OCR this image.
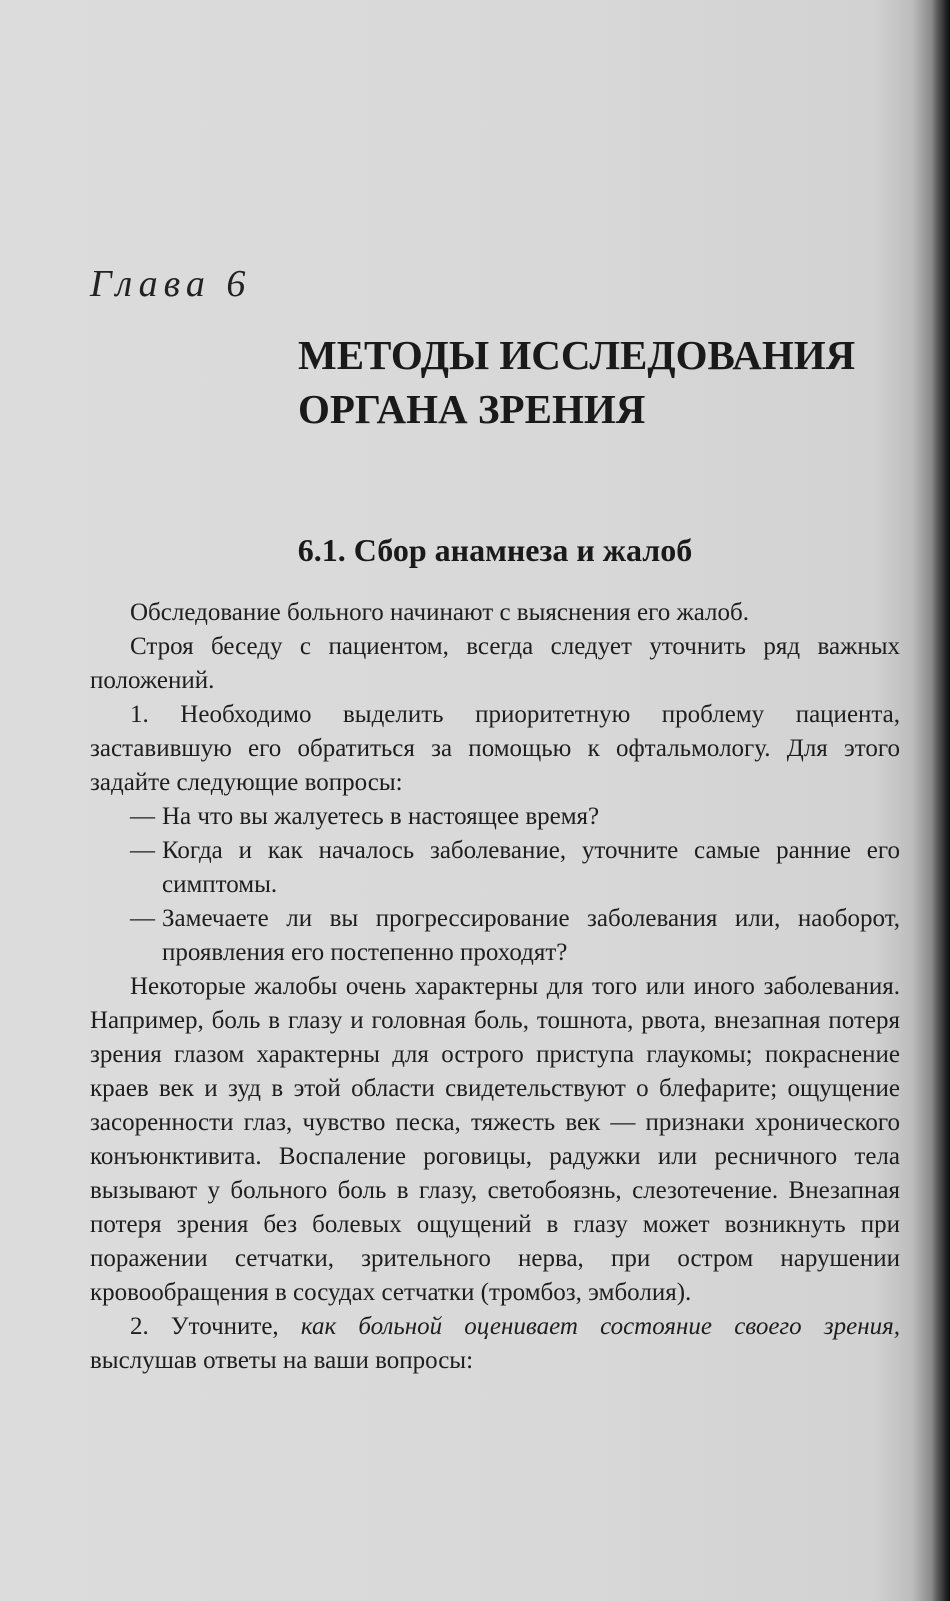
Глава 6
МЕТОДЫ ИССЛЕДОВАНИЯ
ОРГАНА ЗРЕНИЯ
6.1. Сбор анамнеза и жалоб

Обследование больного начинают с выяснения его жалоб.

Строя беседу с пациентом, всегда следует уточнить ряд важных положений.

1. Необходимо выделить приоритетную проблему пациента, заставившую его обратиться за помощью к офтальмологу. Для этого задайте следующие вопросы:

— На что вы жалуетесь в настоящее время?
— Когда и как началось заболевание, уточните самые ранние его симптомы.
— Замечаете ли вы прогрессирование заболевания или, наоборот, проявления его постепенно проходят?

Некоторые жалобы очень характерны для того или иного заболевания. Например, боль в глазу и головная боль, тошнота, рвота, внезапная потеря зрения глазом характерны для острого приступа глаукомы; покраснение краев век и зуд в этой области свидетельствуют о блефарите; ощущение засоренности глаз, чувство песка, тяжесть век — признаки хронического конъюнктивита. Воспаление роговицы, радужки или ресничного тела вызывают у больного боль в глазу, светобоязнь, слезотечение. Внезапная потеря зрения без болевых ощущений в глазу может возникнуть при поражении сетчатки, зрительного нерва, при остром нарушении кровообращения в сосудах сетчатки (тромбоз, эмболия).

2. Уточните, как больной оценивает состояние своего зрения, выслушав ответы на ваши вопросы:
